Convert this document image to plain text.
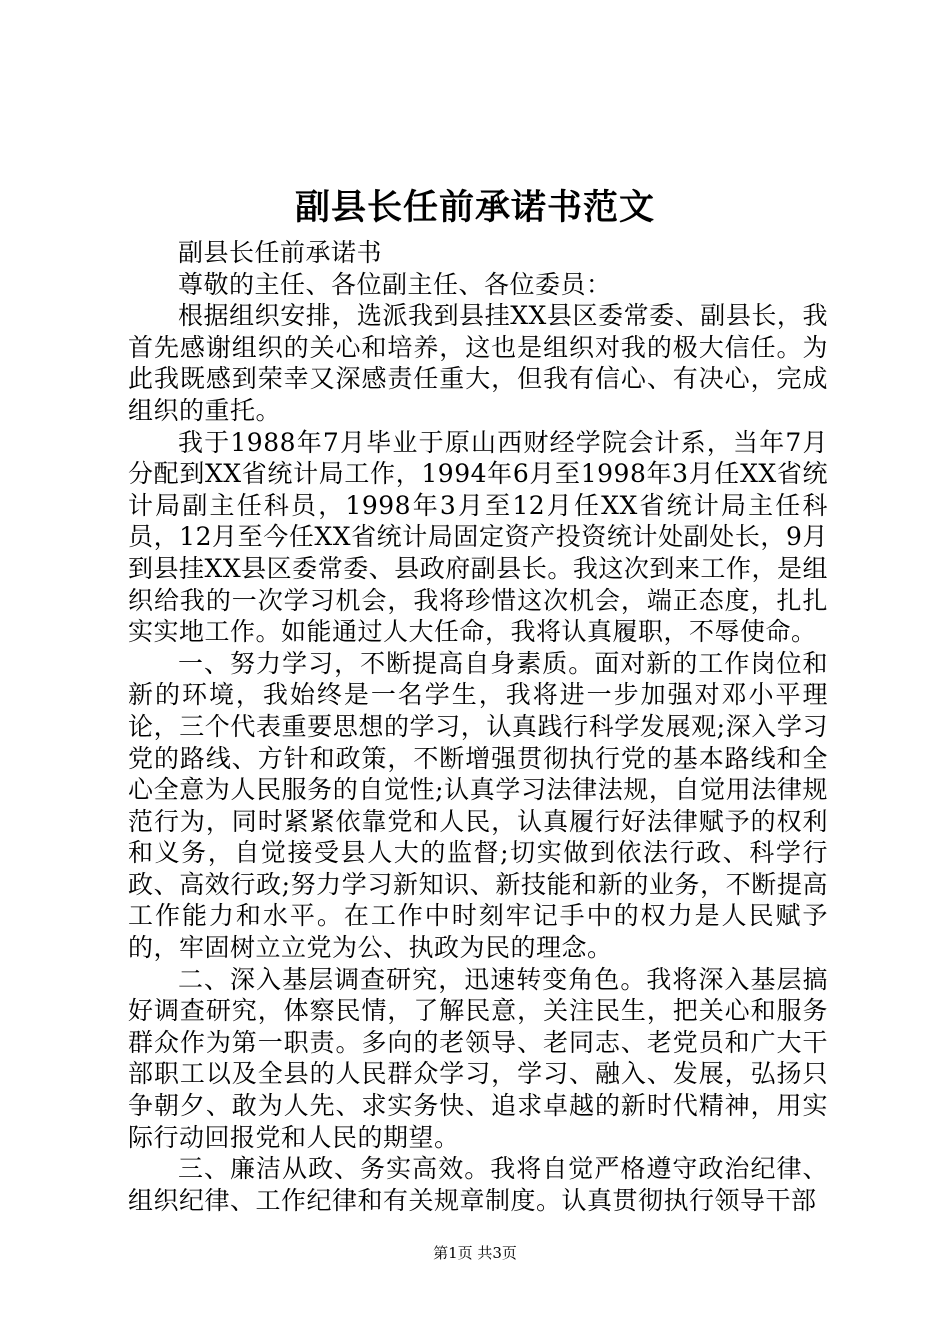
副县长任前承诺书范文

副县长任前承诺书

尊敬的主任、各位副主任、各位委员：

根据组织安排，选派我到县挂XX县区委常委、副县长，我首先感谢组织的关心和培养，这也是组织对我的极大信任。为此我既感到荣幸又深感责任重大，但我有信心、有决心，完成组织的重托。

我于1988年7月毕业于原山西财经学院会计系，当年7月分配到XX省统计局工作，1994年6月至1998年3月任XX省统计局副主任科员，1998年3月至12月任XX省统计局主任科员，12月至今任XX省统计局固定资产投资统计处副处长，9月到县挂XX县区委常委、县政府副县长。我这次到来工作，是组织给我的一次学习机会，我将珍惜这次机会，端正态度，扎扎实实地工作。如能通过人大任命，我将认真履职，不辱使命。

一、努力学习，不断提高自身素质。面对新的工作岗位和新的环境，我始终是一名学生，我将进一步加强对邓小平理论，三个代表重要思想的学习，认真践行科学发展观;深入学习党的路线、方针和政策，不断增强贯彻执行党的基本路线和全心全意为人民服务的自觉性;认真学习法律法规，自觉用法律规范行为，同时紧紧依靠党和人民，认真履行好法律赋予的权利和义务，自觉接受县人大的监督;切实做到依法行政、科学行政、高效行政;努力学习新知识、新技能和新的业务，不断提高工作能力和水平。在工作中时刻牢记手中的权力是人民赋予的，牢固树立立党为公、执政为民的理念。

二、深入基层调查研究，迅速转变角色。我将深入基层搞好调查研究，体察民情，了解民意，关注民生，把关心和服务群众作为第一职责。多向的老领导、老同志、老党员和广大干部职工以及全县的人民群众学习，学习、融入、发展，弘扬只争朝夕、敢为人先、求实务快、追求卓越的新时代精神，用实际行动回报党和人民的期望。

三、廉洁从政、务实高效。我将自觉严格遵守政治纪律、组织纪律、工作纪律和有关规章制度。认真贯彻执行领导干部

第1页 共3页
